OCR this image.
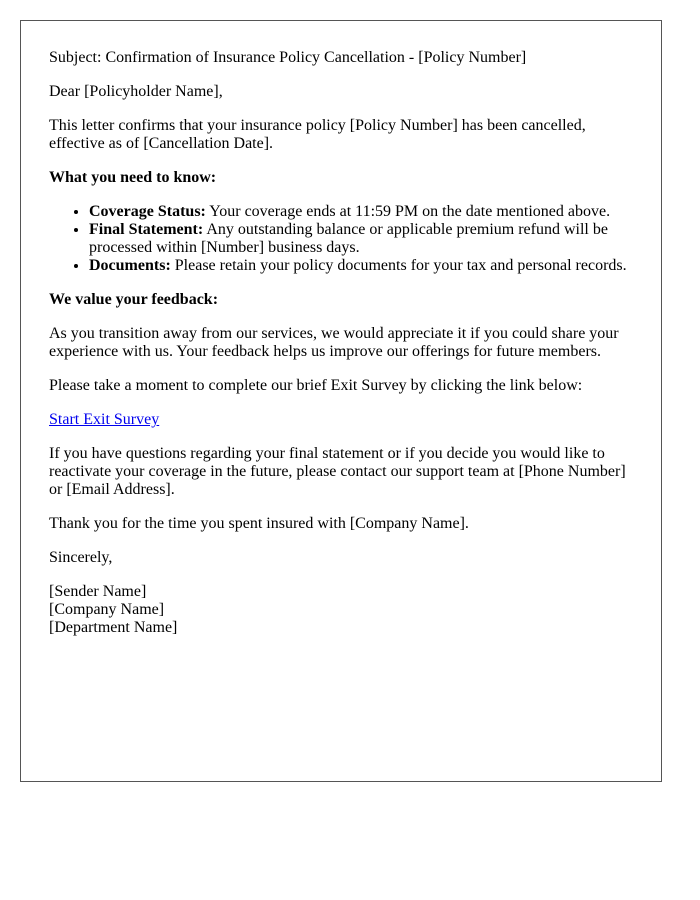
Subject: Confirmation of Insurance Policy Cancellation - [Policy Number]

Dear [Policyholder Name],

This letter confirms that your insurance policy [Policy Number] has been cancelled, effective as of [Cancellation Date].

What you need to know:

• Coverage Status: Your coverage ends at 11:59 PM on the date mentioned above.
• Final Statement: Any outstanding balance or applicable premium refund will be processed within [Number] business days.
• Documents: Please retain your policy documents for your tax and personal records.

We value your feedback:

As you transition away from our services, we would appreciate it if you could share your experience with us. Your feedback helps us improve our offerings for future members.

Please take a moment to complete our brief Exit Survey by clicking the link below:

Start Exit Survey

If you have questions regarding your final statement or if you decide you would like to reactivate your coverage in the future, please contact our support team at [Phone Number] or [Email Address].

Thank you for the time you spent insured with [Company Name].

Sincerely,

[Sender Name]
[Company Name]
[Department Name]
